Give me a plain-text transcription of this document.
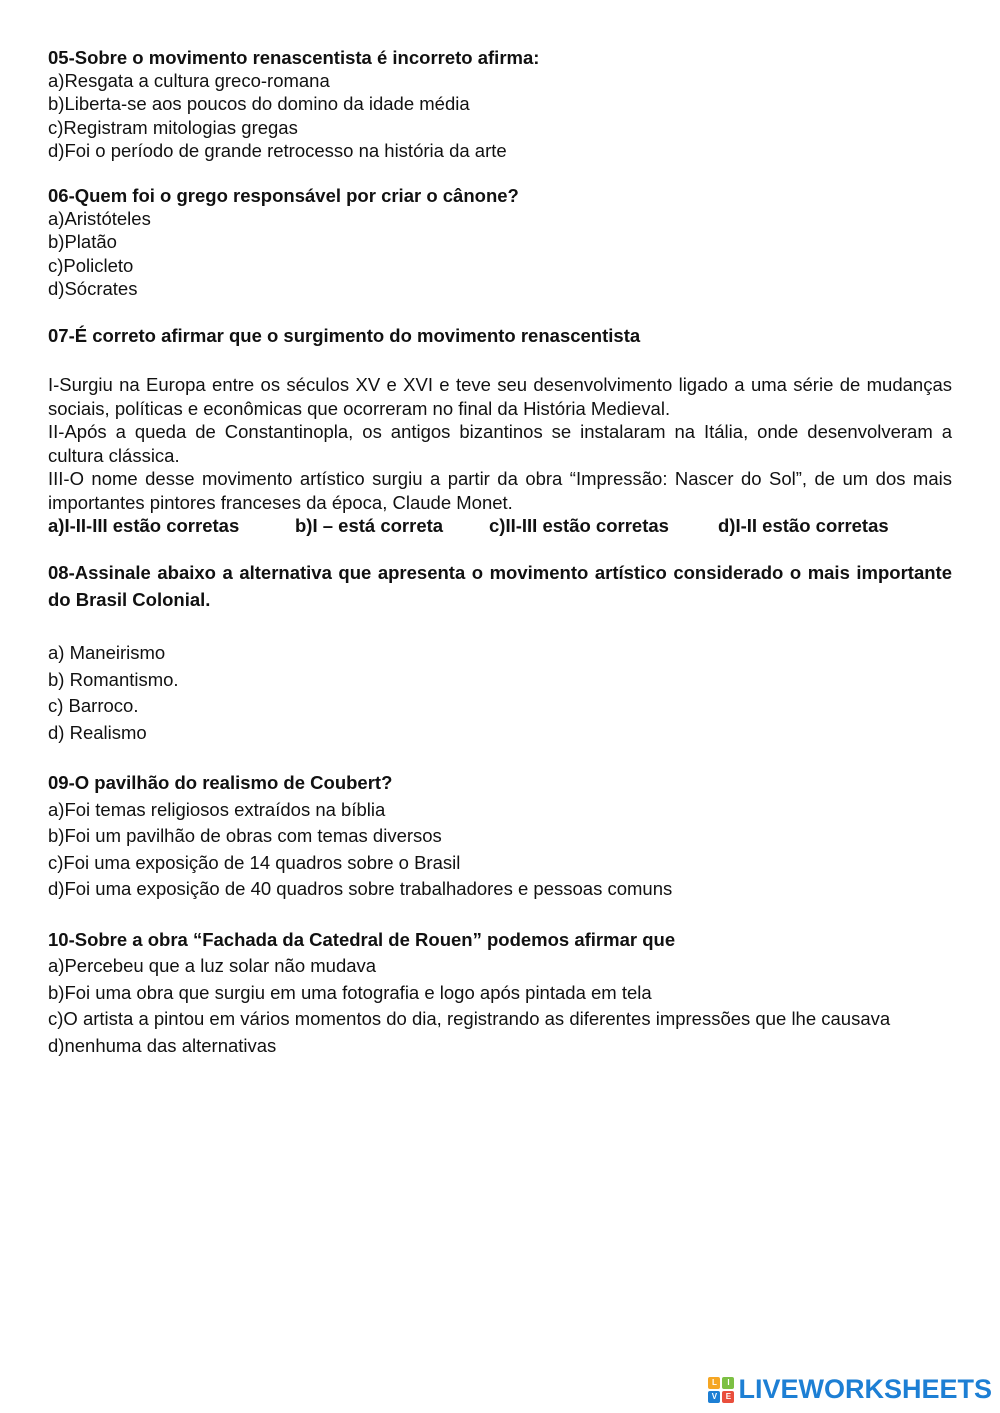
05-Sobre o movimento renascentista é incorreto afirma:

a)Resgata a cultura greco-romana

b)Liberta-se aos poucos do domino da idade média

c)Registram mitologias gregas

d)Foi o período de grande retrocesso na história da arte

06-Quem foi o grego responsável por criar o cânone?

a)Aristóteles

b)Platão

c)Policleto

d)Sócrates

07-É correto afirmar que o surgimento do movimento renascentista

I-Surgiu na Europa entre os séculos XV e XVI e teve seu desenvolvimento ligado a uma série de mudanças sociais, políticas e econômicas que ocorreram no final da História Medieval.

II-Após a queda de Constantinopla, os antigos bizantinos se instalaram na Itália, onde desenvolveram a cultura clássica.

III-O nome desse movimento artístico surgiu a partir da obra “Impressão: Nascer do Sol”, de um dos mais importantes pintores franceses da época, Claude Monet.

a)I-II-III estão corretas	b)I – está correta	c)II-III estão corretas	d)I-II estão corretas

08-Assinale abaixo a alternativa que apresenta o movimento artístico considerado o mais importante do Brasil Colonial.

a) Maneirismo

b) Romantismo.

c) Barroco.

d) Realismo

09-O pavilhão do realismo de Coubert?

a)Foi temas religiosos extraídos na bíblia

b)Foi um pavilhão de obras com temas diversos

c)Foi uma exposição de 14 quadros sobre o Brasil

d)Foi uma exposição de 40 quadros sobre trabalhadores e pessoas comuns

10-Sobre a obra “Fachada da Catedral de Rouen” podemos afirmar que

a)Percebeu que a luz solar não mudava

b)Foi uma obra que surgiu em uma fotografia e logo após pintada em tela

c)O artista a pintou em vários momentos do dia, registrando as diferentes impressões que lhe causava

d)nenhuma das alternativas

L	I
V	E LIVEWORKSHEETS
